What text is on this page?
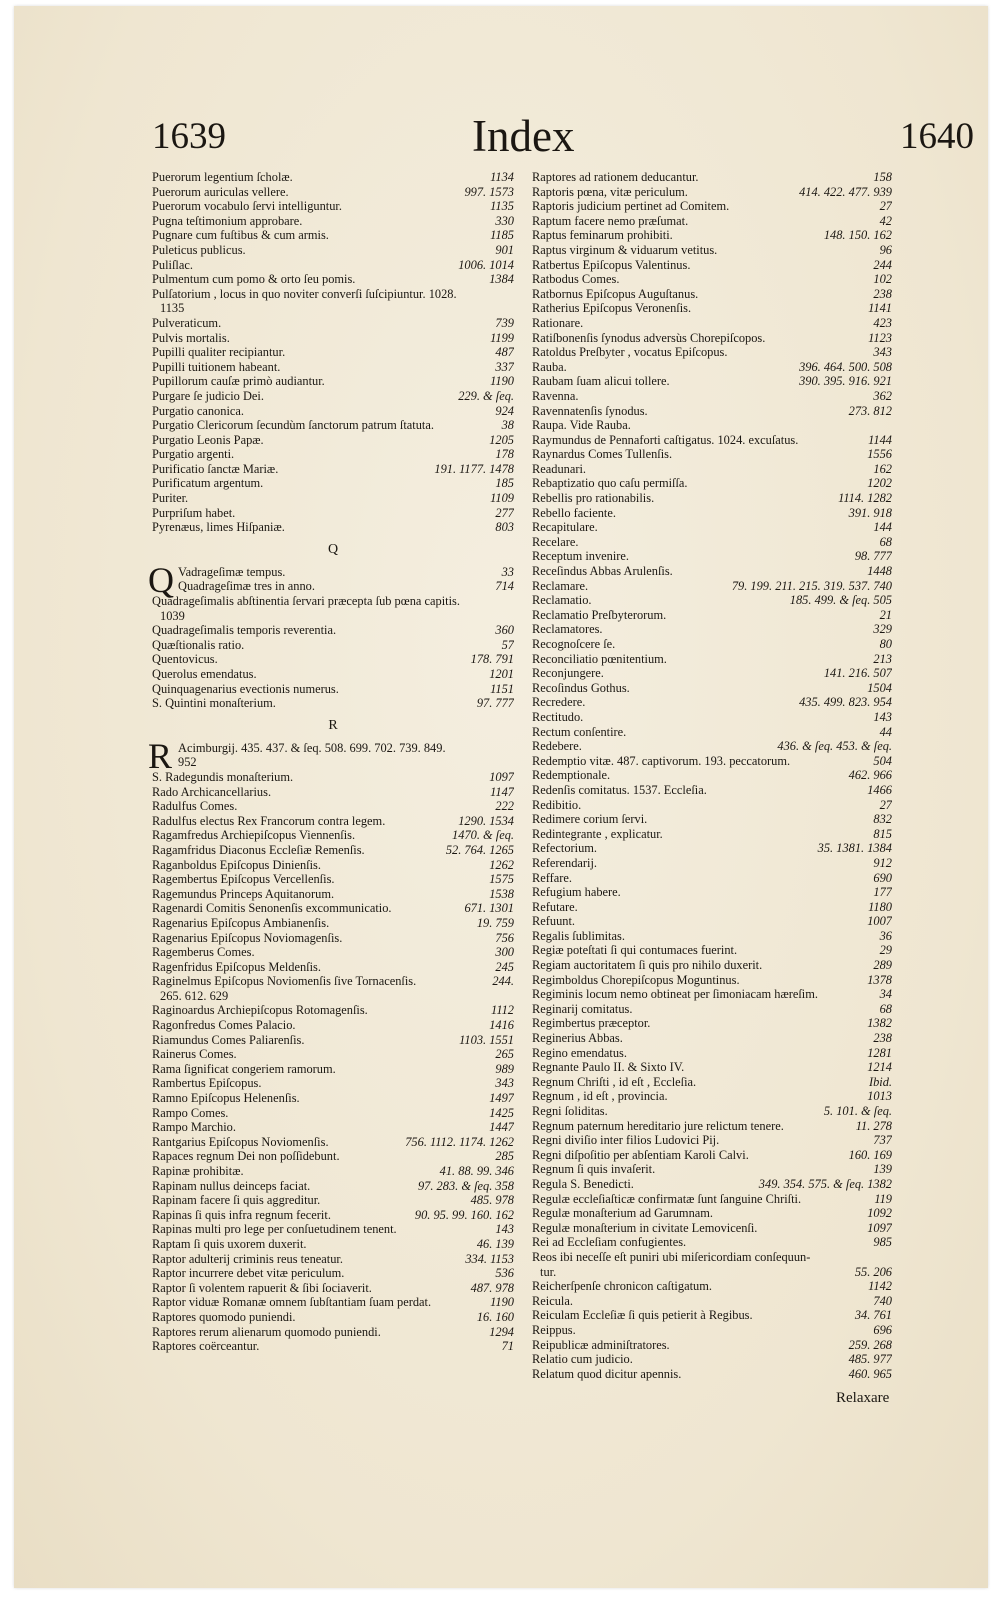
1639	Index	1640
Puerorum legentium ſcholæ.	1134
Puerorum auriculas vellere.	997. 1573
Puerorum vocabulo ſervi intelliguntur.	1135
Pugna teſtimonium approbare.	330
Pugnare cum fuſtibus & cum armis.	1185
Puleticus publicus.	901
Puliſlac.	1006. 1014
Pulmentum cum pomo & orto ſeu pomis.	1384
Pulſatorium , locus in quo noviter converſi ſuſcipiuntur. 1028.
1135
Pulveraticum.	739
Pulvis mortalis.	1199
Pupilli qualiter recipiantur.	487
Pupilli tuitionem habeant.	337
Pupillorum cauſæ primò audiantur.	1190
Purgare ſe judicio Dei.	229. & ſeq.
Purgatio canonica.	924
Purgatio Clericorum ſecundùm ſanctorum patrum ſtatuta.	38
Purgatio Leonis Papæ.	1205
Purgatio argenti.	178
Purificatio ſanctæ Mariæ.	191. 1177. 1478
Purificatum argentum.	185
Puriter.	1109
Purpriſum habet.	277
Pyrenæus, limes Hiſpaniæ.	803
Q
Q Vadrageſimæ tempus.	33
Quadrageſimæ tres in anno.	714
Quadrageſimalis abſtinentia ſervari præcepta ſub pœna capitis.
1039
Quadrageſimalis temporis reverentia.	360
Quæſtionalis ratio.	57
Quentovicus.	178. 791
Querolus emendatus.	1201
Quinquagenarius evectionis numerus.	1151
S. Quintini monaſterium.	97. 777
R
R Acimburgij. 435. 437. & ſeq. 508. 699. 702. 739. 849.
952
S. Radegundis monaſterium.	1097
Rado Archicancellarius.	1147
Radulfus Comes.	222
Radulfus electus Rex Francorum contra legem.	1290. 1534
Ragamfredus Archiepiſcopus Viennenſis.	1470. & ſeq.
Ragamfridus Diaconus Eccleſiæ Remenſis.	52. 764. 1265
Raganboldus Epiſcopus Dinienſis.	1262
Ragembertus Epiſcopus Vercellenſis.	1575
Ragemundus Princeps Aquitanorum.	1538
Ragenardi Comitis Senonenſis excommunicatio.	671. 1301
Ragenarius Epiſcopus Ambianenſis.	19. 759
Ragenarius Epiſcopus Noviomagenſis.	756
Ragemberus Comes.	300
Ragenfridus Epiſcopus Meldenſis.	245
Raginelmus Epiſcopus Noviomenſis ſive Tornacenſis.	244.
265. 612. 629
Raginoardus Archiepiſcopus Rotomagenſis.	1112
Ragonfredus Comes Palacio.	1416
Riamundus Comes Paliarenſis.	1103. 1551
Rainerus Comes.	265
Rama ſignificat congeriem ramorum.	989
Rambertus Epiſcopus.	343
Ramno Epiſcopus Helenenſis.	1497
Rampo Comes.	1425
Rampo Marchio.	1447
Rantgarius Epiſcopus Noviomenſis.	756. 1112. 1174. 1262
Rapaces regnum Dei non poſſidebunt.	285
Rapinæ prohibitæ.	41. 88. 99. 346
Rapinam nullus deinceps faciat.	97. 283. & ſeq. 358
Rapinam facere ſi quis aggreditur.	485. 978
Rapinas ſi quis infra regnum fecerit.	90. 95. 99. 160. 162
Rapinas multi pro lege per conſuetudinem tenent.	143
Raptam ſi quis uxorem duxerit.	46. 139
Raptor adulterij criminis reus teneatur.	334. 1153
Raptor incurrere debet vitæ periculum.	536
Raptor ſi volentem rapuerit & ſibi ſociaverit.	487. 978
Raptor viduæ Romanæ omnem ſubſtantiam ſuam perdat.	1190
Raptores quomodo puniendi.	16. 160
Raptores rerum alienarum quomodo puniendi.	1294
Raptores coërceantur.	71
Raptores ad rationem deducantur.	158
Raptoris pœna, vitæ periculum.	414. 422. 477. 939
Raptoris judicium pertinet ad Comitem.	27
Raptum facere nemo præſumat.	42
Raptus feminarum prohibiti.	148. 150. 162
Raptus virginum & viduarum vetitus.	96
Ratbertus Epiſcopus Valentinus.	244
Ratbodus Comes.	102
Ratbornus Epiſcopus Auguſtanus.	238
Ratherius Epiſcopus Veronenſis.	1141
Rationare.	423
Ratiſbonenſis ſynodus adversùs Chorepiſcopos.	1123
Ratoldus Preſbyter , vocatus Epiſcopus.	343
Rauba.	396. 464. 500. 508
Raubam ſuam alicui tollere.	390. 395. 916. 921
Ravenna.	362
Ravennatenſis ſynodus.	273. 812
Raupa. Vide Rauba.
Raymundus de Pennaforti caſtigatus. 1024. excuſatus.	1144
Raynardus Comes Tullenſis.	1556
Readunari.	162
Rebaptizatio quo caſu permiſſa.	1202
Rebellis pro rationabilis.	1114. 1282
Rebello faciente.	391. 918
Recapitulare.	144
Recelare.	68
Receptum invenire.	98. 777
Receſindus Abbas Arulenſis.	1448
Reclamare.	79. 199. 211. 215. 319. 537. 740
Reclamatio.	185. 499. & ſeq. 505
Reclamatio Preſbyterorum.	21
Reclamatores.	329
Recognoſcere ſe.	80
Reconciliatio pœnitentium.	213
Reconjungere.	141. 216. 507
Recoſindus Gothus.	1504
Recredere.	435. 499. 823. 954
Rectitudo.	143
Rectum conſentire.	44
Redebere.	436. & ſeq. 453. & ſeq.
Redemptio vitæ. 487. captivorum. 193. peccatorum.	504
Redemptionale.	462. 966
Redenſis comitatus. 1537. Eccleſia.	1466
Redibitio.	27
Redimere corium ſervi.	832
Redintegrante , explicatur.	815
Refectorium.	35. 1381. 1384
Referendarij.	912
Reffare.	690
Refugium habere.	177
Refutare.	1180
Refuunt.	1007
Regalis ſublimitas.	36
Regiæ poteſtati ſi qui contumaces fuerint.	29
Regiam auctoritatem ſi quis pro nihilo duxerit.	289
Regimboldus Chorepiſcopus Moguntinus.	1378
Regiminis locum nemo obtineat per ſimoniacam hæreſim.	34
Reginarij comitatus.	68
Regimbertus præceptor.	1382
Reginerius Abbas.	238
Regino emendatus.	1281
Regnante Paulo II. & Sixto IV.	1214
Regnum Chriſti , id eſt , Eccleſia.	Ibid.
Regnum , id eſt , provincia.	1013
Regni ſoliditas.	5. 101. & ſeq.
Regnum paternum hereditario jure relictum tenere.	11. 278
Regni diviſio inter filios Ludovici Pij.	737
Regni diſpoſitio per abſentiam Karoli Calvi.	160. 169
Regnum ſi quis invaſerit.	139
Regula S. Benedicti.	349. 354. 575. & ſeq. 1382
Regulæ eccleſiaſticæ confirmatæ ſunt ſanguine Chriſti.	119
Regulæ monaſterium ad Garumnam.	1092
Regulæ monaſterium in civitate Lemovicenſi.	1097
Rei ad Eccleſiam confugientes.	985
Reos ibi neceſſe eſt puniri ubi miſericordiam conſequun-
tur.	55. 206
Reicherſpenſe chronicon caſtigatum.	1142
Reicula.	740
Reiculam Eccleſiæ ſi quis petierit à Regibus.	34. 761
Reippus.	696
Reipublicæ adminiſtratores.	259. 268
Relatio cum judicio.	485. 977
Relatum quod dicitur apennis.	460. 965
Relaxare
